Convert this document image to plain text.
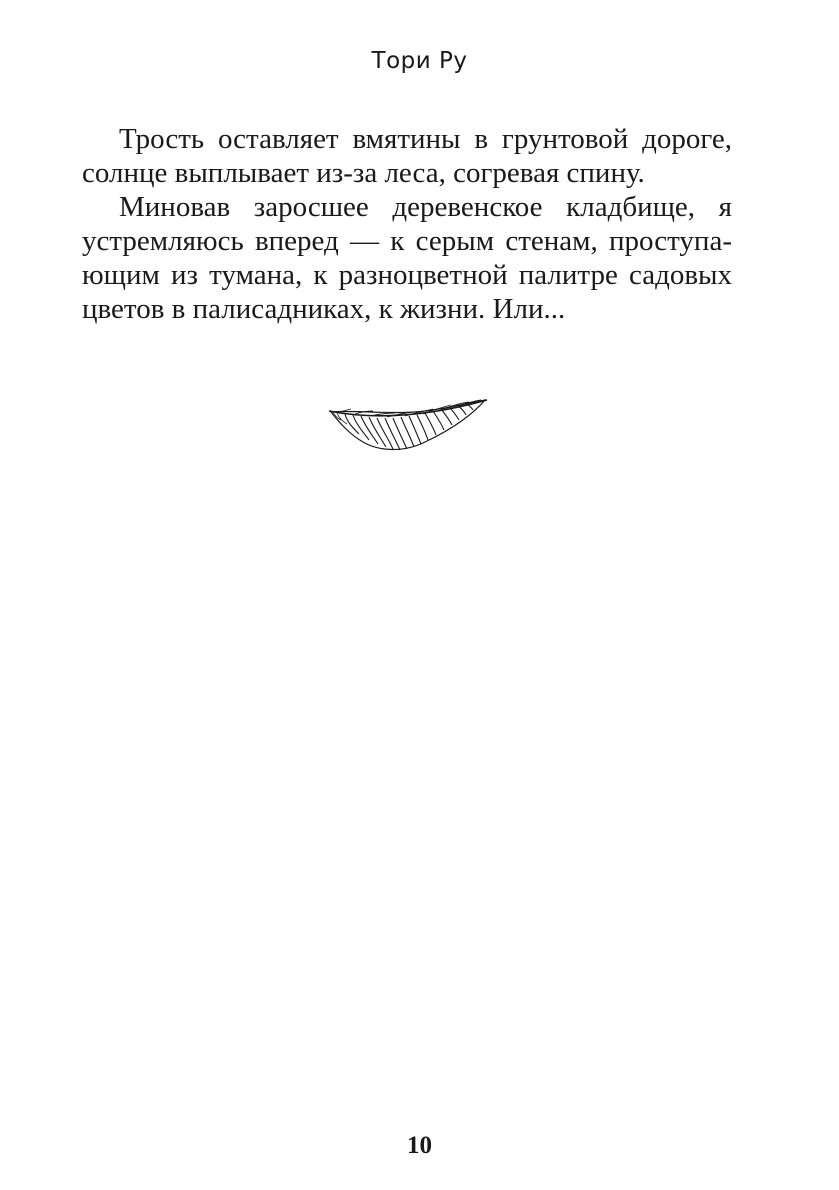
Тори Ру
Трость оставляет вмятины в грунтовой дороге,
солнце выплывает из-за леса, согревая спину.
Миновав заросшее деревенское кладбище, я
устремляюсь вперед — к серым стенам, проступа-
ющим из тумана, к разноцветной палитре садовых
цветов в палисадниках, к жизни. Или...
10
